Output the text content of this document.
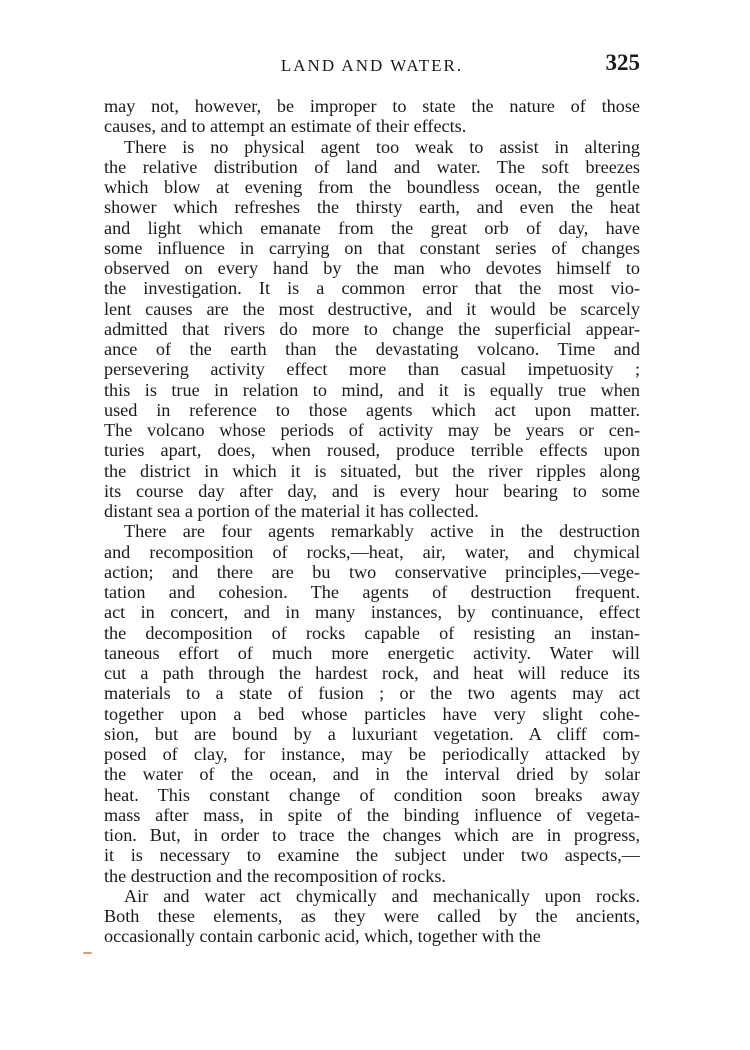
LAND AND WATER.	325
may not, however, be improper to state the nature of those
causes, and to attempt an estimate of their effects.
There is no physical agent too weak to assist in altering
the relative distribution of land and water. The soft breezes
which blow at evening from the boundless ocean, the gentle
shower which refreshes the thirsty earth, and even the heat
and light which emanate from the great orb of day, have
some influence in carrying on that constant series of changes
observed on every hand by the man who devotes himself to
the investigation. It is a common error that the most vio-
lent causes are the most destructive, and it would be scarcely
admitted that rivers do more to change the superficial appear-
ance of the earth than the devastating volcano. Time and
persevering activity effect more than casual impetuosity ;
this is true in relation to mind, and it is equally true when
used in reference to those agents which act upon matter.
The volcano whose periods of activity may be years or cen-
turies apart, does, when roused, produce terrible effects upon
the district in which it is situated, but the river ripples along
its course day after day, and is every hour bearing to some
distant sea a portion of the material it has collected.
There are four agents remarkably active in the destruction
and recomposition of rocks,—heat, air, water, and chymical
action; and there are bu two conservative principles,—vege-
tation and cohesion. The agents of destruction frequent.
act in concert, and in many instances, by continuance, effect
the decomposition of rocks capable of resisting an instan-
taneous effort of much more energetic activity. Water will
cut a path through the hardest rock, and heat will reduce its
materials to a state of fusion ; or the two agents may act
together upon a bed whose particles have very slight cohe-
sion, but are bound by a luxuriant vegetation. A cliff com-
posed of clay, for instance, may be periodically attacked by
the water of the ocean, and in the interval dried by solar
heat. This constant change of condition soon breaks away
mass after mass, in spite of the binding influence of vegeta-
tion. But, in order to trace the changes which are in progress,
it is necessary to examine the subject under two aspects,—
the destruction and the recomposition of rocks.
Air and water act chymically and mechanically upon rocks.
Both these elements, as they were called by the ancients,
occasionally contain carbonic acid, which, together with the
